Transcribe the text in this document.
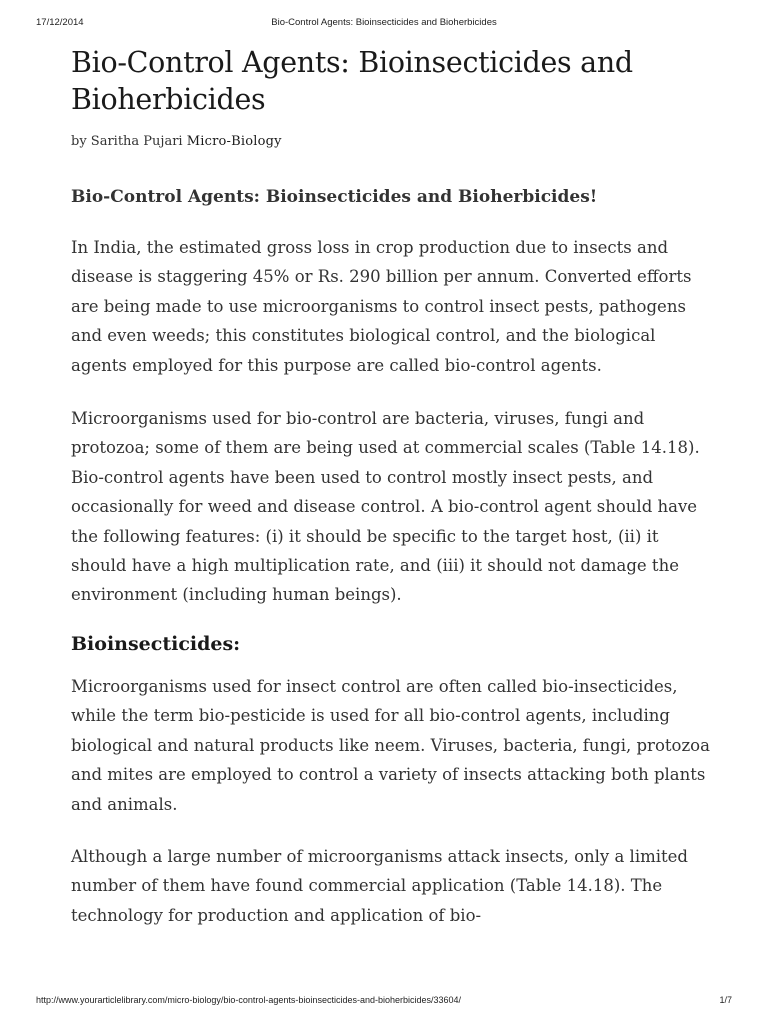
17/12/2014	Bio-Control Agents: Bioinsecticides and Bioherbicides
Bio-Control Agents: Bioinsecticides and Bioherbicides
by Saritha Pujari Micro-Biology

Bio-Control Agents: Bioinsecticides and Bioherbicides!

In India, the estimated gross loss in crop production due to insects and disease is staggering 45% or Rs. 290 billion per annum. Converted efforts are being made to use microorganisms to control insect pests, pathogens and even weeds; this constitutes biological control, and the biological agents employed for this purpose are called bio-control agents.

Microorganisms used for bio-control are bacteria, viruses, fungi and protozoa; some of them are being used at commercial scales (Table 14.18). Bio-control agents have been used to control mostly insect pests, and occasionally for weed and disease control. A bio-control agent should have the following features: (i) it should be specific to the target host, (ii) it should have a high multiplication rate, and (iii) it should not damage the environment (including human beings).

Bioinsecticides:

Microorganisms used for insect control are often called bio-insecticides, while the term bio-pesticide is used for all bio-control agents, including biological and natural products like neem. Viruses, bacteria, fungi, protozoa and mites are employed to control a variety of insects attacking both plants and animals.

Although a large number of microorganisms attack insects, only a limited number of them have found commercial application (Table 14.18). The technology for production and application of bio-

http://www.yourarticlelibrary.com/micro-biology/bio-control-agents-bioinsecticides-and-bioherbicides/33604/	1/7
